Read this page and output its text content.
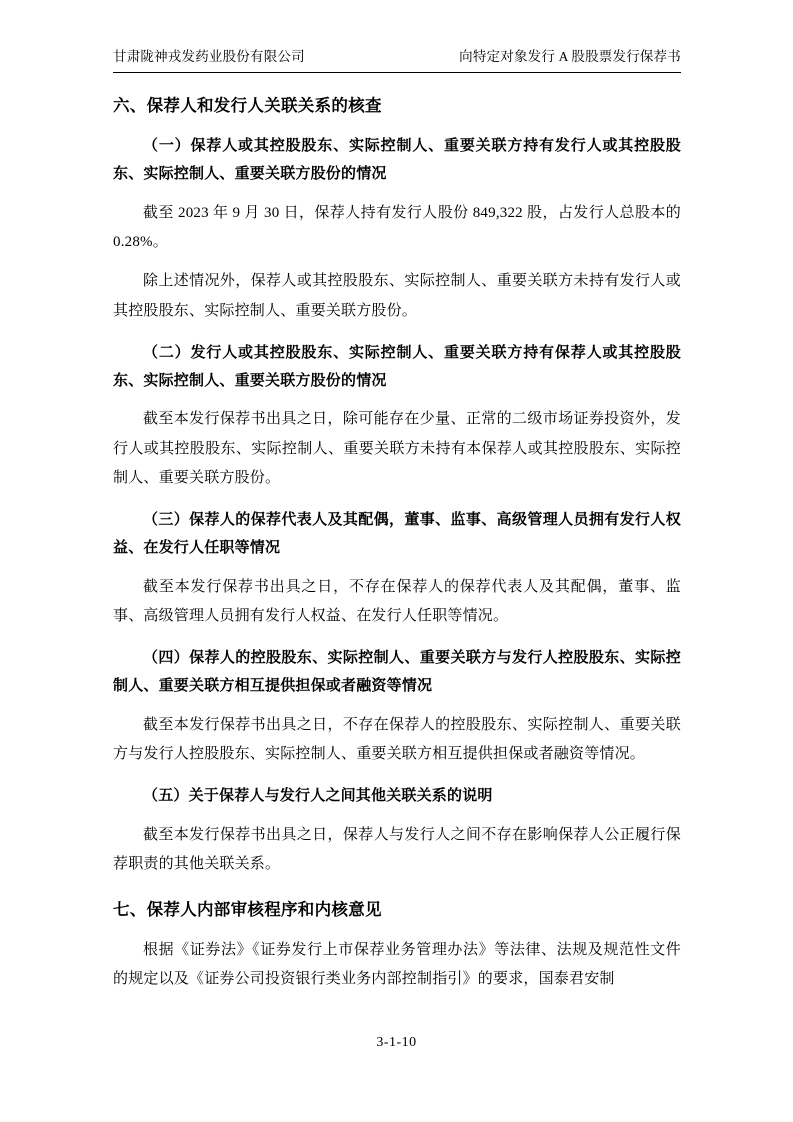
甘肃陇神戎发药业股份有限公司	向特定对象发行 A 股股票发行保荐书
六、保荐人和发行人关联关系的核查
（一）保荐人或其控股股东、实际控制人、重要关联方持有发行人或其控股股东、实际控制人、重要关联方股份的情况

截至 2023 年 9 月 30 日，保荐人持有发行人股份 849,322 股，占发行人总股本的 0.28%。

除上述情况外，保荐人或其控股股东、实际控制人、重要关联方未持有发行人或其控股股东、实际控制人、重要关联方股份。

（二）发行人或其控股股东、实际控制人、重要关联方持有保荐人或其控股股东、实际控制人、重要关联方股份的情况

截至本发行保荐书出具之日，除可能存在少量、正常的二级市场证券投资外，发行人或其控股股东、实际控制人、重要关联方未持有本保荐人或其控股股东、实际控制人、重要关联方股份。

（三）保荐人的保荐代表人及其配偶，董事、监事、高级管理人员拥有发行人权益、在发行人任职等情况

截至本发行保荐书出具之日，不存在保荐人的保荐代表人及其配偶，董事、监事、高级管理人员拥有发行人权益、在发行人任职等情况。

（四）保荐人的控股股东、实际控制人、重要关联方与发行人控股股东、实际控制人、重要关联方相互提供担保或者融资等情况

截至本发行保荐书出具之日，不存在保荐人的控股股东、实际控制人、重要关联方与发行人控股股东、实际控制人、重要关联方相互提供担保或者融资等情况。

（五）关于保荐人与发行人之间其他关联关系的说明

截至本发行保荐书出具之日，保荐人与发行人之间不存在影响保荐人公正履行保荐职责的其他关联关系。

七、保荐人内部审核程序和内核意见

根据《证券法》《证券发行上市保荐业务管理办法》等法律、法规及规范性文件的规定以及《证券公司投资银行类业务内部控制指引》的要求，国泰君安制

3-1-10
